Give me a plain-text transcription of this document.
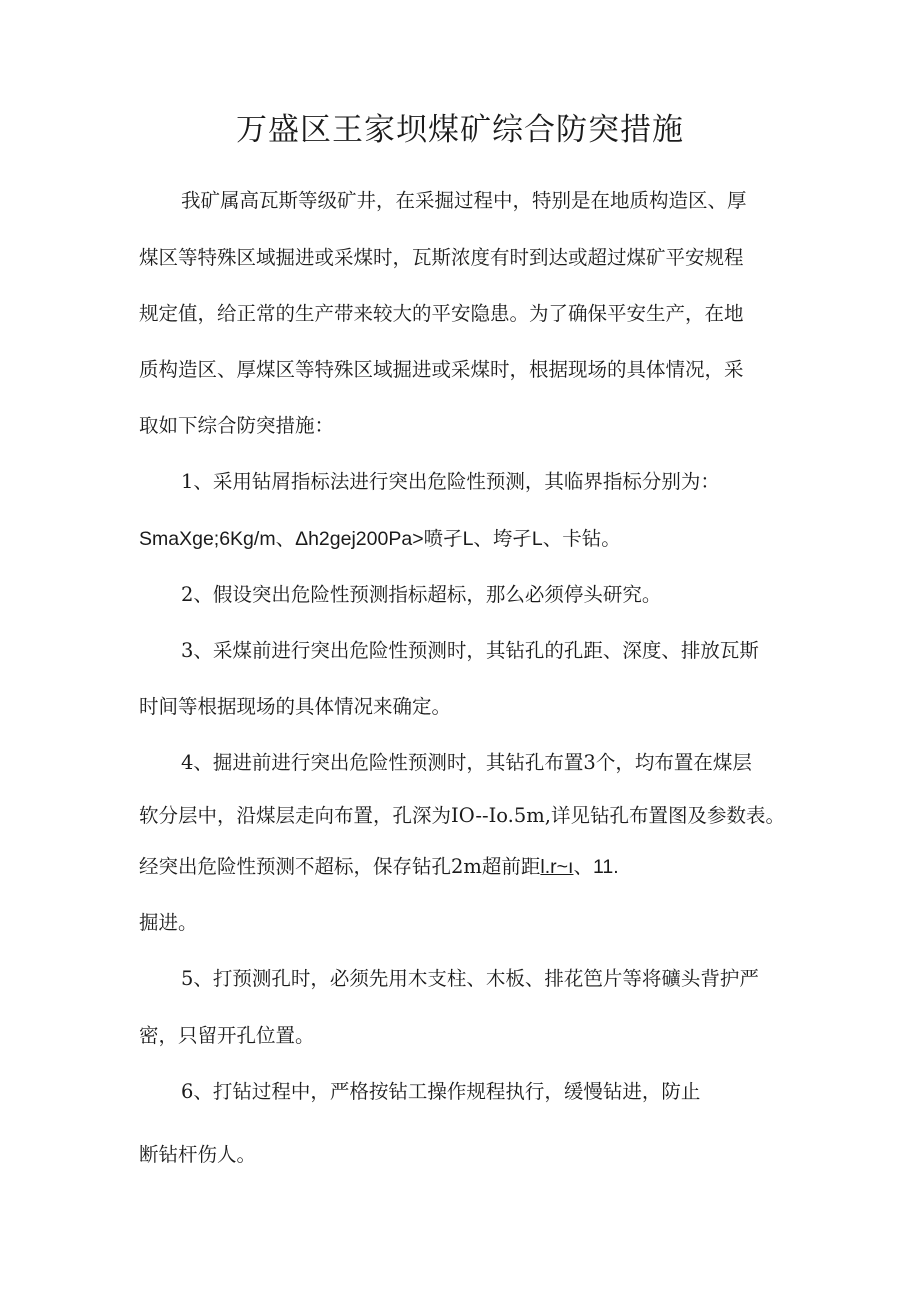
万盛区王家坝煤矿综合防突措施

我矿属高瓦斯等级矿井，在采掘过程中，特别是在地质构造区、厚

煤区等特殊区域掘进或采煤时，瓦斯浓度有时到达或超过煤矿平安规程

规定值，给正常的生产带来较大的平安隐患。为了确保平安生产，在地

质构造区、厚煤区等特殊区域掘进或采煤时，根据现场的具体情况，采

取如下综合防突措施：

1、采用钻屑指标法进行突出危险性预测，其临界指标分别为：

SmaXge;6Kg/m、Δh2gej200Pa>喷孑L、垮孑L、卡钻。

2、假设突出危险性预测指标超标，那么必须停头研究。

3、采煤前进行突出危险性预测时，其钻孔的孔距、深度、排放瓦斯

时间等根据现场的具体情况来确定。

4、掘进前进行突出危险性预测时，其钻孔布置3个，均布置在煤层

软分层中，沿煤层走向布置，孔深为IO--Io.5m,详见钻孔布置图及参数表。

经突出危险性预测不超标，保存钻孔2m超前距l.r~ı、11.

掘进。

5、打预测孔时，必须先用木支柱、木板、排花笆片等将礦头背护严

密，只留开孔位置。

6、打钻过程中，严格按钻工操作规程执行，缓慢钻进，防止

断钻杆伤人。
